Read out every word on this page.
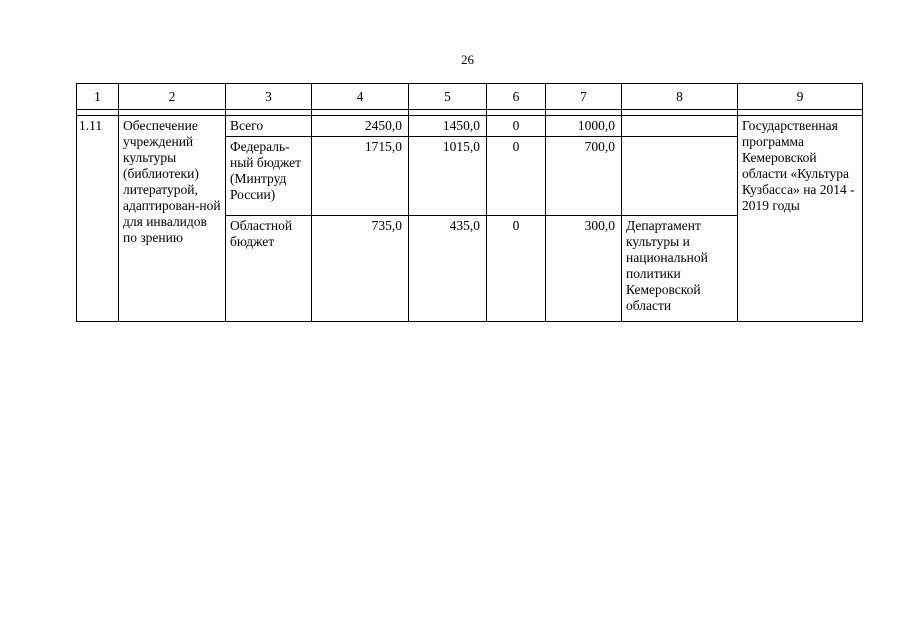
26
1	2	3	4	5	6	7	8	9

1.11	Обеспечение учреждений культуры (библиотеки) литературой, адаптирован-ной для инвалидов по зрению	Всего	2450,0	1450,0	0	1000,0		Государственная программа Кемеровской области «Культура Кузбасса» на 2014 - 2019 годы

		Федераль-ный бюджет (Минтруд России)	1715,0	1015,0	0	700,0		

		Областной бюджет	735,0	435,0	0	300,0	Департамент культуры и национальной политики Кемеровской области	
